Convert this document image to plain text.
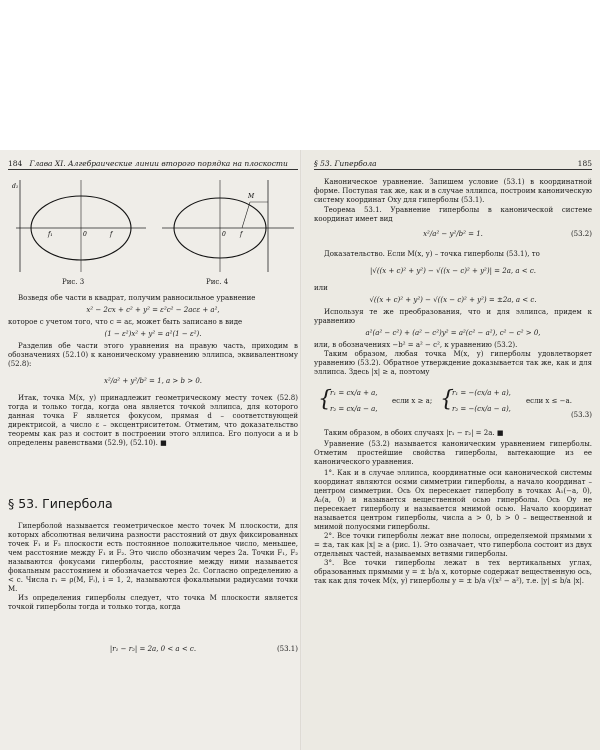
184 Глава XI. Алгебраические линии второго порядка на плоскости
d₁
f₁	0	f
Рис. 3
M
0 f
Рис. 4

Возведя обе части в квадрат, получим равносильное уравнение

x² − 2cx + c² + y² = ε²c² − 2acε + a²,

которое с учетом того, что c = aε, может быть записано в виде

(1 − ε²)x² + y² = a²(1 − ε²).

Разделив обе части этого уравнения на правую часть, приходим в обозначениях (52.10) к каноническому уравнению эллипса, эквивалентному (52.8):

x²/a² + y²/b² = 1, a > b > 0.

Итак, точка M(x, y) принадлежит геометрическому месту точек (52.8) тогда и только тогда, когда она является точкой эллипса, для которого данная точка F является фокусом, прямая d – соответствующей директрисой, а число ε – эксцентриситетом. Отметим, что доказательство теоремы как раз и состоит в построении этого эллипса. Его полуоси a и b определены равенствами (52.9), (52.10). ■

§ 53. Гипербола

Гиперболой называется геометрическое место точек M плоскости, для которых абсолютная величина разности расстояний от двух фиксированных точек F₁ и F₂ плоскости есть постоянное положительное число, меньшее, чем расстояние между F₁ и F₂. Это число обозначим через 2a. Точки F₁, F₂ называются фокусами гиперболы, расстояние между ними называется фокальным расстоянием и обозначается через 2c. Согласно определению a < c. Числа r₁ = ρ(M, Fᵢ), i = 1, 2, называются фокальными радиусами точки M.

Из определения гиперболы следует, что точка M плоскости является точкой гиперболы тогда и только тогда, когда

|r₁ − r₂| = 2a, 0 < a < c.	(53.1)
§ 53. Гипербола	185

Каноническое уравнение. Запишем условие (53.1) в координатной форме. Поступая так же, как и в случае эллипса, построим каноническую систему координат Oxy для гиперболы (53.1).

Теорема 53.1. Уравнение гиперболы в канонической системе координат имеет вид

x²/a² − y²/b² = 1.	(53.2)

Доказательство. Если M(x, y) – точка гиперболы (53.1), то

|√((x + c)² + y²) − √((x − c)² + y²)| = 2a, a < c.

или

√((x + c)² + y²) − √((x − c)² + y²) = ±2a, a < c.

Используя те же преобразования, что и для эллипса, придем к уравнению

a²(a² − c²) + (a² − c²)y² = a²(c² − a²), c² − c² > 0,

или, в обозначениях −b² = a² − c², к уравнению (53.2).

Таким образом, любая точка M(x, y) гиперболы удовлетворяет уравнению (53.2). Обратное утверждение доказывается так же, как и для эллипса. Здесь |x| ≥ a, поэтому

{
r₁ = cx/a + a,
r₂ = cx/a − a,
если x ≥ a; {
r₁ = −(cx/a + a),
r₂ = −(cx/a − a),
если x ≤ −a.
(53.3)

Таким образом, в обоих случаях |r₁ − r₂| = 2a. ■

Уравнение (53.2) называется каноническим уравнением гиперболы. Отметим простейшие свойства гиперболы, вытекающие из ее канонического уравнения.

1°. Как и в случае эллипса, координатные оси канонической системы координат являются осями симметрии гиперболы, а начало координат – центром симметрии. Ось Ox пересекает гиперболу в точках A₁(−a, 0), A₂(a, 0) и называется вещественной осью гиперболы. Ось Oy не пересекает гиперболу и называется мнимой осью. Начало координат называется центром гиперболы, числа a > 0, b > 0 – вещественной и мнимой полуосями гиперболы.

2°. Все точки гиперболы лежат вне полосы, определяемой прямыми x = ±a, так как |x| ≥ a (рис. 1). Это означает, что гипербола состоит из двух отдельных частей, называемых ветвями гиперболы.

3°. Все точки гиперболы лежат в тех вертикальных углах, образованных прямыми y = ± b/a x, которые содержат вещественную ось, так как для точек M(x, y) гиперболы y = ± b/a √(x² − a²), т.е. |y| ≤ b/a |x|.
